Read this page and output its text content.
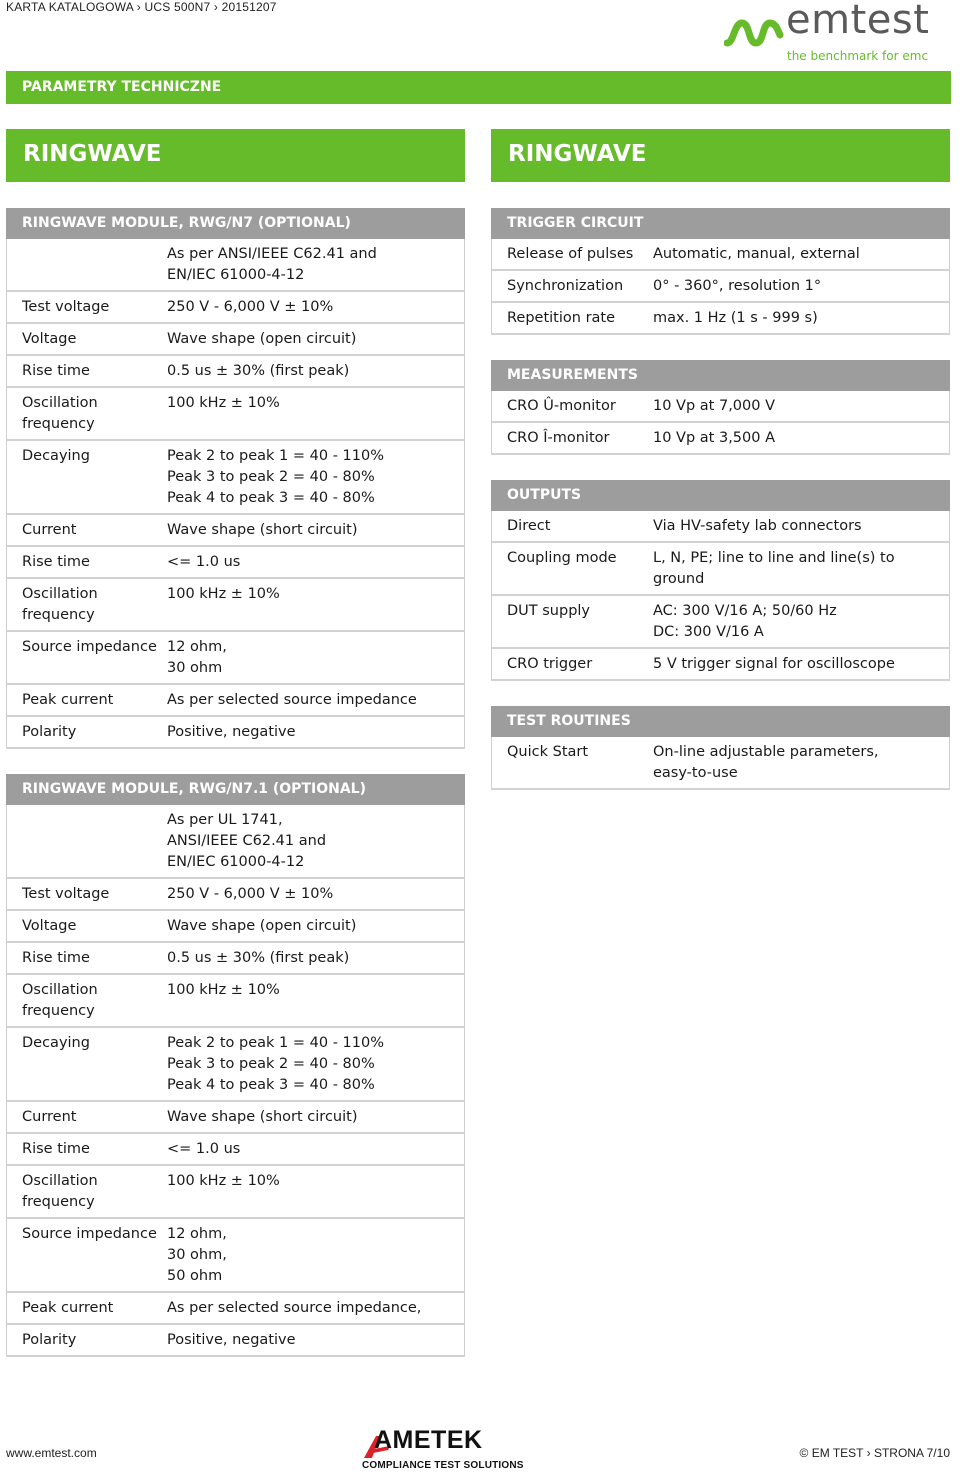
KARTA KATALOGOWA › UCS 500N7 › 20151207	emtest
the benchmark for emc
PARAMETRY TECHNICZNE
RINGWAVE	RINGWAVE
RINGWAVE MODULE, RWG/N7 (OPTIONAL)
	As per ANSI/IEEE C62.41 and
EN/IEC 61000-4-12
Test voltage	250 V - 6,000 V ± 10%
Voltage	Wave shape (open circuit)
Rise time	0.5 us ± 30% (first peak)
Oscillation
frequency	100 kHz ± 10%
Decaying	Peak 2 to peak 1 = 40 - 110%
Peak 3 to peak 2 = 40 - 80%
Peak 4 to peak 3 = 40 - 80%
Current	Wave shape (short circuit)
Rise time	<= 1.0 us
Oscillation
frequency	100 kHz ± 10%
Source impedance	12 ohm,
30 ohm
Peak current	As per selected source impedance
Polarity	Positive, negative
RINGWAVE MODULE, RWG/N7.1 (OPTIONAL)
	As per UL 1741,
ANSI/IEEE C62.41 and
EN/IEC 61000-4-12
Test voltage	250 V - 6,000 V ± 10%
Voltage	Wave shape (open circuit)
Rise time	0.5 us ± 30% (first peak)
Oscillation
frequency	100 kHz ± 10%
Decaying	Peak 2 to peak 1 = 40 - 110%
Peak 3 to peak 2 = 40 - 80%
Peak 4 to peak 3 = 40 - 80%
Current	Wave shape (short circuit)
Rise time	<= 1.0 us
Oscillation
frequency	100 kHz ± 10%
Source impedance	12 ohm,
30 ohm,
50 ohm
Peak current	As per selected source impedance,
Polarity	Positive, negative
TRIGGER CIRCUIT
Release of pulses	Automatic, manual, external
Synchronization	0° - 360°, resolution 1°
Repetition rate	max. 1 Hz (1 s - 999 s)
MEASUREMENTS
CRO Û-monitor	10 Vp at 7,000 V
CRO Î-monitor	10 Vp at 3,500 A
OUTPUTS
Direct	Via HV-safety lab connectors
Coupling mode	L, N, PE; line to line and line(s) to
ground
DUT supply	AC: 300 V/16 A; 50/60 Hz
DC: 300 V/16 A
CRO trigger	5 V trigger signal for oscilloscope
TEST ROUTINES
Quick Start	On-line adjustable parameters,
easy-to-use
www.emtest.com	AMETEK
COMPLIANCE TEST SOLUTIONS
© EM TEST › STRONA 7/10
